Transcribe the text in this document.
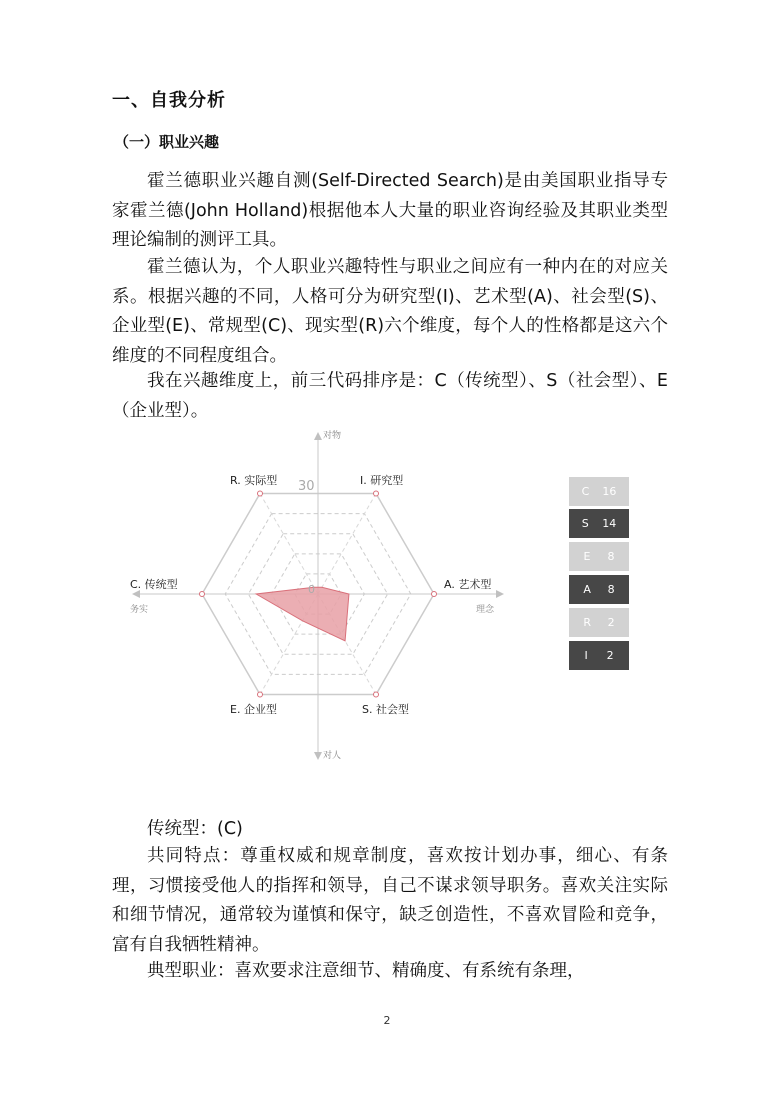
一、自我分析
（一）职业兴趣

霍兰德职业兴趣自测(Self-Directed Search)是由美国职业指导专家霍兰德(John Holland)根据他本人大量的职业咨询经验及其职业类型理论编制的测评工具。

霍兰德认为，个人职业兴趣特性与职业之间应有一种内在的对应关系。根据兴趣的不同，人格可分为研究型(I)、艺术型(A)、社会型(S)、企业型(E)、常规型(C)、现实型(R)六个维度，每个人的性格都是这六个维度的不同程度组合。

我在兴趣维度上，前三代码排序是：C（传统型）、S（社会型）、E（企业型）。

对物
对人
务实	理念
30
0
R. 实际型	I. 研究型
A. 艺术型
S. 社会型
E. 企业型
C. 传统型
C 16
S 14
E 8
A 8
R 2
I 2

传统型：(C)

共同特点：尊重权威和规章制度，喜欢按计划办事，细心、有条理，习惯接受他人的指挥和领导，自己不谋求领导职务。喜欢关注实际和细节情况，通常较为谨慎和保守，缺乏创造性，不喜欢冒险和竞争，富有自我牺牲精神。

典型职业：喜欢要求注意细节、精确度、有系统有条理，

2
